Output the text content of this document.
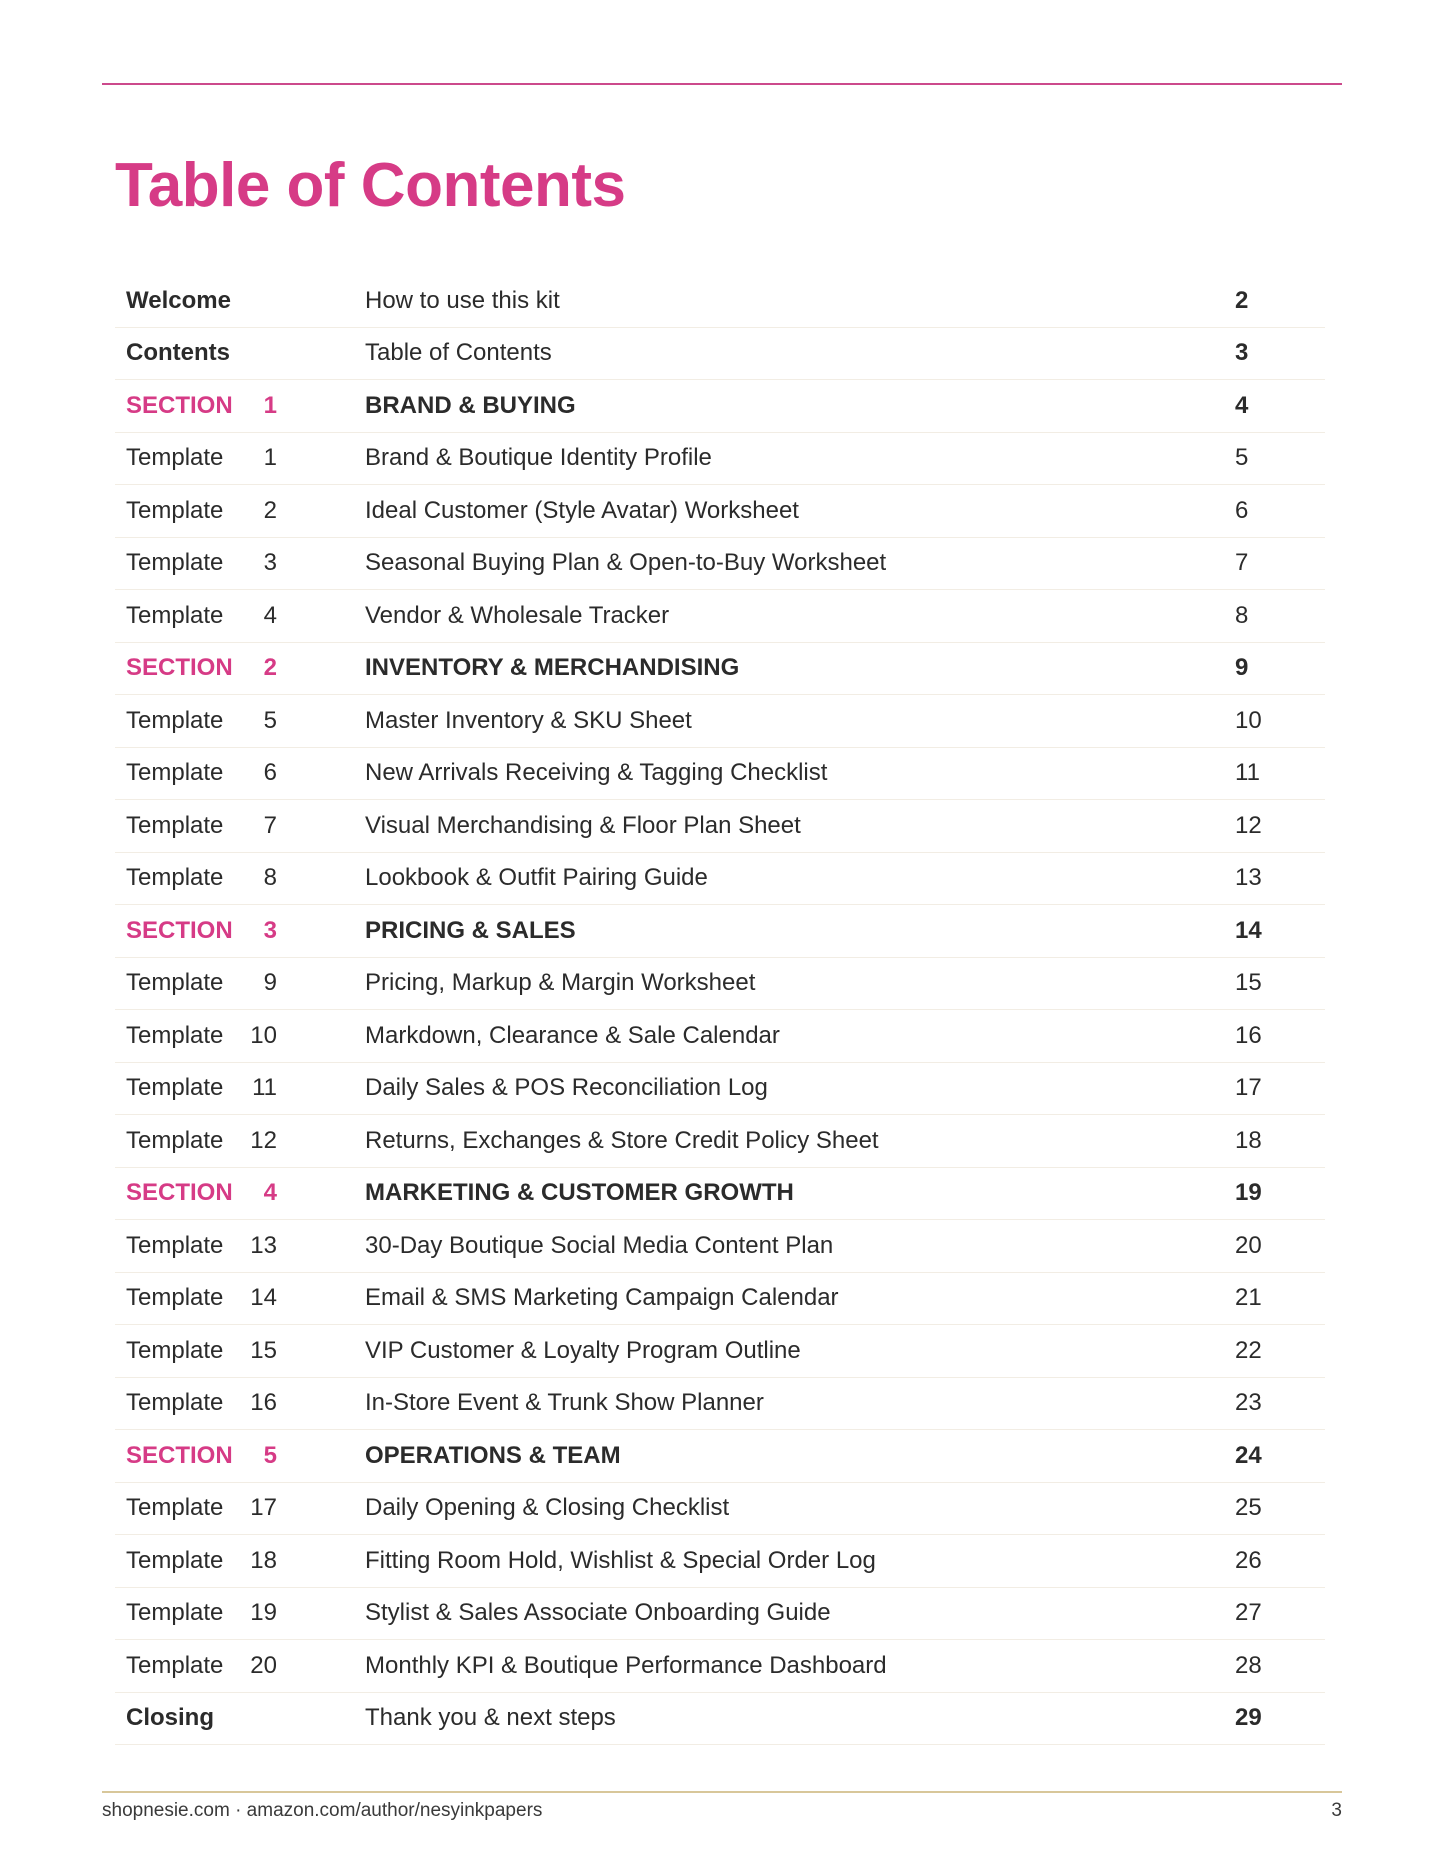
Table of Contents
Welcome	How to use this kit	2
Contents	Table of Contents	3
SECTION	1	BRAND & BUYING	4
Template	1	Brand & Boutique Identity Profile	5
Template	2	Ideal Customer (Style Avatar) Worksheet	6
Template	3	Seasonal Buying Plan & Open-to-Buy Worksheet	7
Template	4	Vendor & Wholesale Tracker	8
SECTION	2	INVENTORY & MERCHANDISING	9
Template	5	Master Inventory & SKU Sheet	10
Template	6	New Arrivals Receiving & Tagging Checklist	11
Template	7	Visual Merchandising & Floor Plan Sheet	12
Template	8	Lookbook & Outfit Pairing Guide	13
SECTION	3	PRICING & SALES	14
Template	9	Pricing, Markup & Margin Worksheet	15
Template	10	Markdown, Clearance & Sale Calendar	16
Template	11	Daily Sales & POS Reconciliation Log	17
Template	12	Returns, Exchanges & Store Credit Policy Sheet	18
SECTION	4	MARKETING & CUSTOMER GROWTH	19
Template	13	30-Day Boutique Social Media Content Plan	20
Template	14	Email & SMS Marketing Campaign Calendar	21
Template	15	VIP Customer & Loyalty Program Outline	22
Template	16	In-Store Event & Trunk Show Planner	23
SECTION	5	OPERATIONS & TEAM	24
Template	17	Daily Opening & Closing Checklist	25
Template	18	Fitting Room Hold, Wishlist & Special Order Log	26
Template	19	Stylist & Sales Associate Onboarding Guide	27
Template	20	Monthly KPI & Boutique Performance Dashboard	28
Closing	Thank you & next steps	29
shopnesie.com · amazon.com/author/nesyinkpapers	3
